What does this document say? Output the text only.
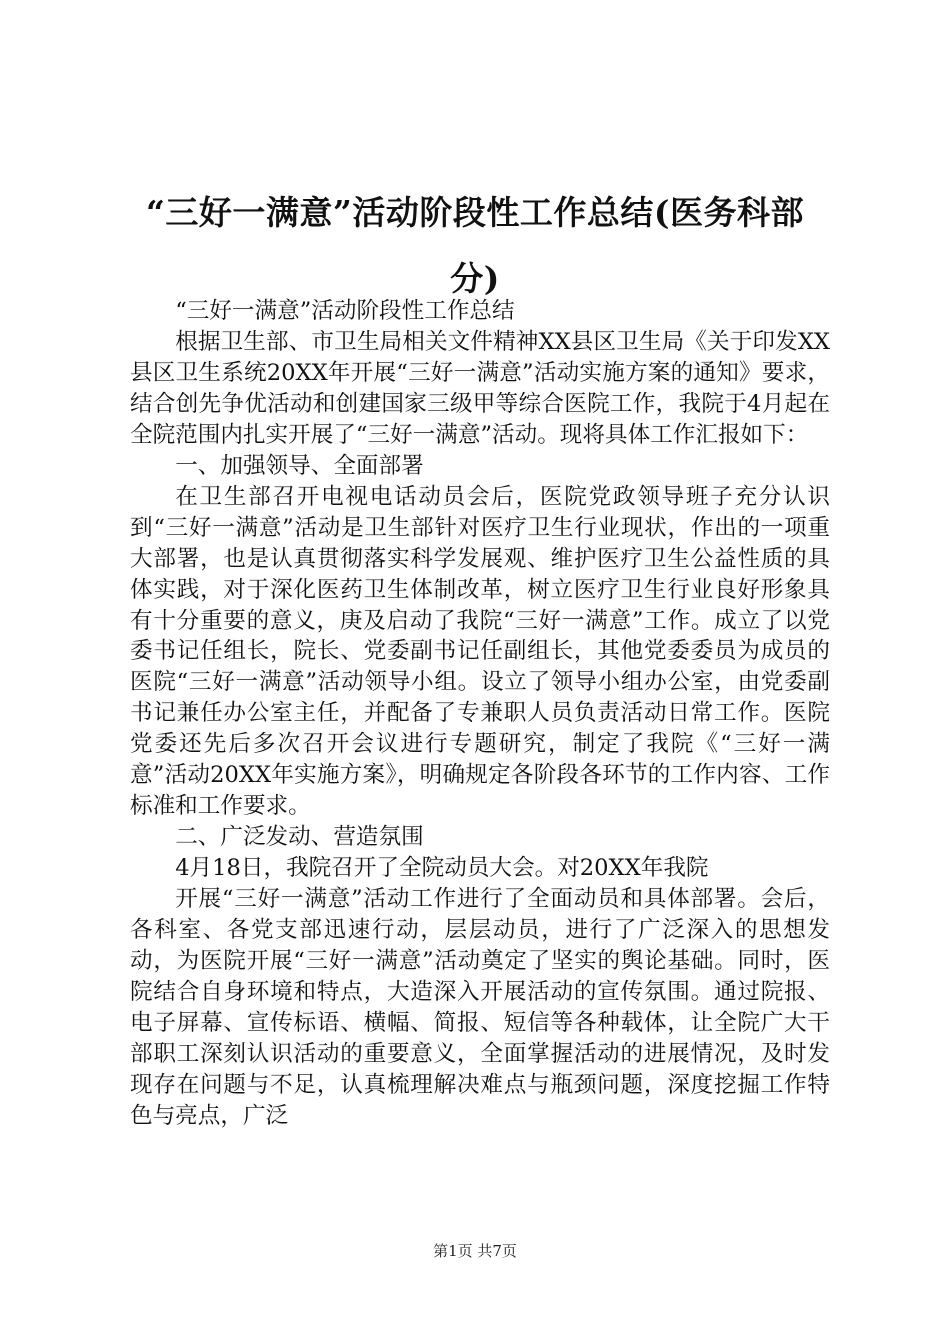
“三好一满意”活动阶段性工作总结(医务科部分)

“三好一满意”活动阶段性工作总结

根据卫生部、市卫生局相关文件精神XX县区卫生局《关于印发XX县区卫生系统20XX年开展“三好一满意”活动实施方案的通知》要求，结合创先争优活动和创建国家三级甲等综合医院工作，我院于4月起在全院范围内扎实开展了“三好一满意”活动。现将具体工作汇报如下：

一、加强领导、全面部署

在卫生部召开电视电话动员会后，医院党政领导班子充分认识到“三好一满意”活动是卫生部针对医疗卫生行业现状，作出的一项重大部署，也是认真贯彻落实科学发展观、维护医疗卫生公益性质的具体实践，对于深化医药卫生体制改革，树立医疗卫生行业良好形象具有十分重要的意义，庚及启动了我院“三好一满意”工作。成立了以党委书记任组长，院长、党委副书记任副组长，其他党委委员为成员的医院“三好一满意”活动领导小组。设立了领导小组办公室，由党委副书记兼任办公室主任，并配备了专兼职人员负责活动日常工作。医院党委还先后多次召开会议进行专题研究，制定了我院《“三好一满意”活动20XX年实施方案》，明确规定各阶段各环节的工作内容、工作标准和工作要求。

二、广泛发动、营造氛围

4月18日，我院召开了全院动员大会。对20XX年我院

开展“三好一满意”活动工作进行了全面动员和具体部署。会后，各科室、各党支部迅速行动，层层动员，进行了广泛深入的思想发动，为医院开展“三好一满意”活动奠定了坚实的舆论基础。同时，医院结合自身环境和特点，大造深入开展活动的宣传氛围。通过院报、电子屏幕、宣传标语、横幅、简报、短信等各种载体，让全院广大干部职工深刻认识活动的重要意义，全面掌握活动的进展情况，及时发现存在问题与不足，认真梳理解决难点与瓶颈问题，深度挖掘工作特色与亮点，广泛

第1页 共7页
